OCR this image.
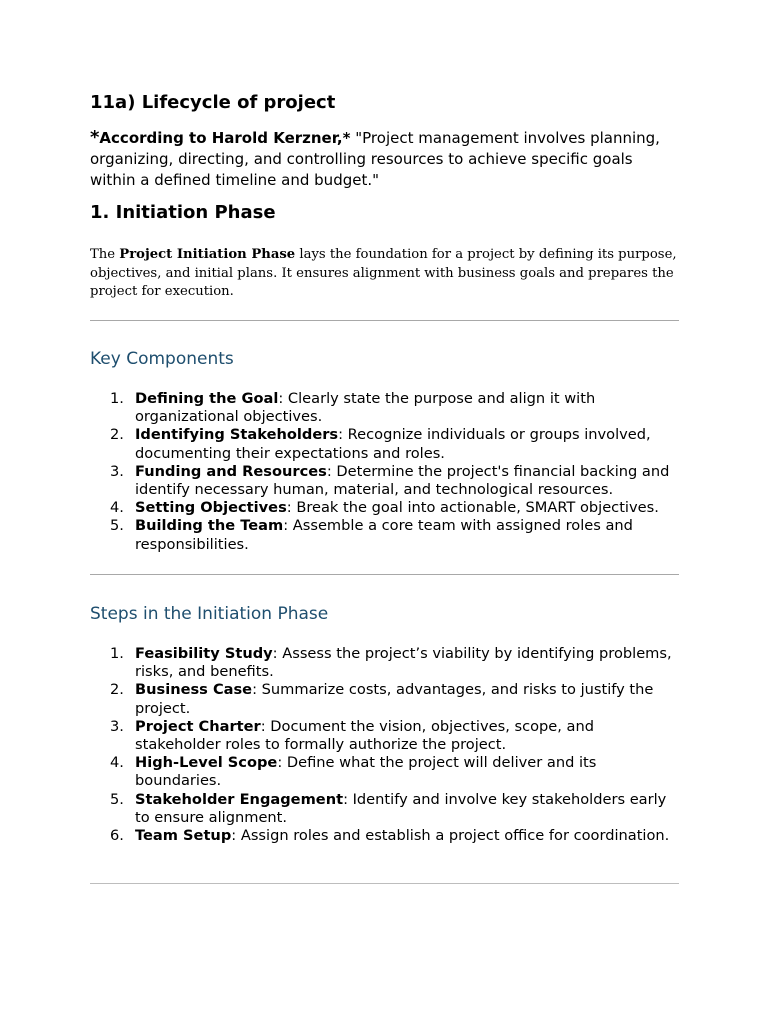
11a) Lifecycle of project

*According to Harold Kerzner,* "Project management involves planning, organizing, directing, and controlling resources to achieve specific goals within a defined timeline and budget."

1. Initiation Phase

The Project Initiation Phase lays the foundation for a project by defining its purpose, objectives, and initial plans. It ensures alignment with business goals and prepares the project for execution.

Key Components
1. Defining the Goal: Clearly state the purpose and align it with organizational objectives.
2. Identifying Stakeholders: Recognize individuals or groups involved, documenting their expectations and roles.
3. Funding and Resources: Determine the project's financial backing and identify necessary human, material, and technological resources.
4. Setting Objectives: Break the goal into actionable, SMART objectives.
5. Building the Team: Assemble a core team with assigned roles and responsibilities.
Steps in the Initiation Phase
1. Feasibility Study: Assess the project’s viability by identifying problems, risks, and benefits.
2. Business Case: Summarize costs, advantages, and risks to justify the project.
3. Project Charter: Document the vision, objectives, scope, and stakeholder roles to formally authorize the project.
4. High-Level Scope: Define what the project will deliver and its boundaries.
5. Stakeholder Engagement: Identify and involve key stakeholders early to ensure alignment.
6. Team Setup: Assign roles and establish a project office for coordination.
